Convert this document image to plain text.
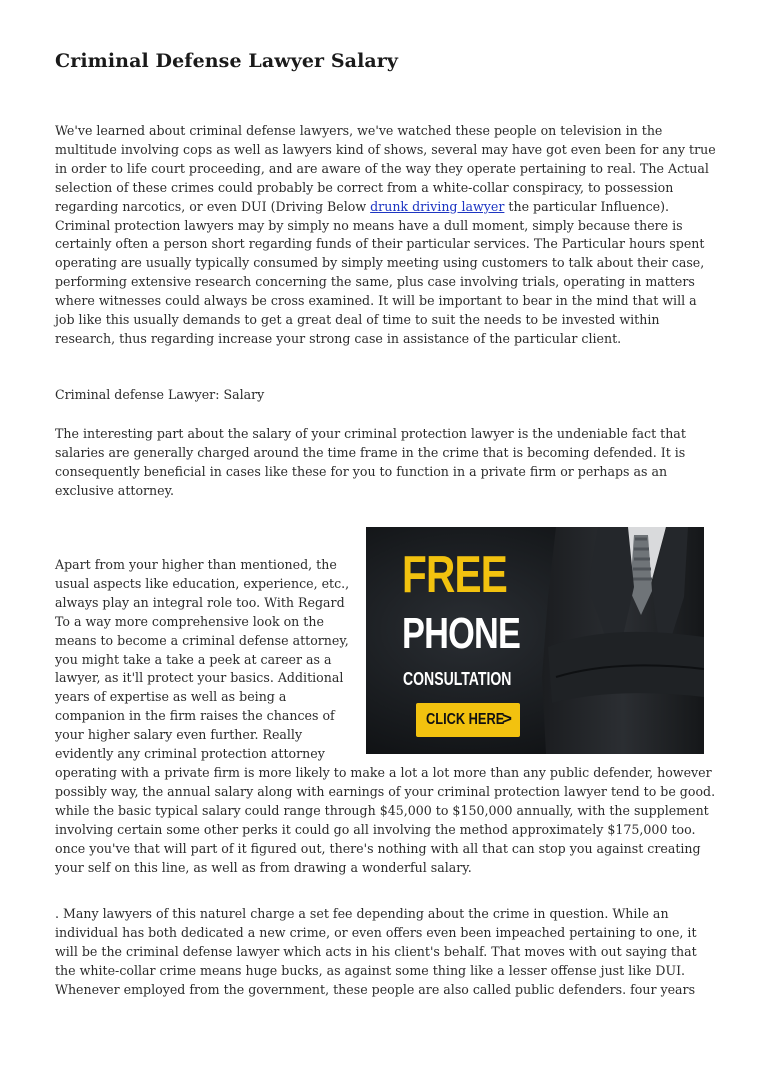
Criminal Defense Lawyer Salary

We've learned about criminal defense lawyers, we've watched these people on television in the multitude involving cops as well as lawyers kind of shows, several may have got even been for any true in order to life court proceeding, and are aware of the way they operate pertaining to real. The Actual selection of these crimes could probably be correct from a white-collar conspiracy, to possession regarding narcotics, or even DUI (Driving Below drunk driving lawyer the particular Influence). Criminal protection lawyers may by simply no means have a dull moment, simply because there is certainly often a person short regarding funds of their particular services. The Particular hours spent operating are usually typically consumed by simply meeting using customers to talk about their case, performing extensive research concerning the same, plus case involving trials, operating in matters where witnesses could always be cross examined. It will be important to bear in the mind that will a job like this usually demands to get a great deal of time to suit the needs to be invested within research, thus regarding increase your strong case in assistance of the particular client.

Criminal defense Lawyer: Salary

The interesting part about the salary of your criminal protection lawyer is the undeniable fact that salaries are generally charged around the time frame in the crime that is becoming defended. It is consequently beneficial in cases like these for you to function in a private firm or perhaps as an exclusive attorney.

Apart from your higher than mentioned, the usual aspects like education, experience, etc., always play an integral role too. With Regard To a way more comprehensive look on the means to become a criminal defense attorney, you might take a take a peek at career as a lawyer, as it'll protect your basics. Additional years of expertise as well as being a companion in the firm raises the chances of your higher salary even further. Really evidently any criminal protection attorney operating with a private firm is more likely to make a lot a lot more than any public defender, however possibly way, the annual salary along with earnings of your criminal protection lawyer tend to be good. while the basic typical salary could range through $45,000 to $150,000 annually, with the supplement involving certain some other perks it could go all involving the method approximately $175,000 too. once you've that will part of it figured out, there's nothing with all that can stop you against creating your self on this line, as well as from drawing a wonderful salary.

. Many lawyers of this naturel charge a set fee depending about the crime in question. While an individual has both dedicated a new crime, or even offers even been impeached pertaining to one, it will be the criminal defense lawyer which acts in his client's behalf. That moves with out saying that the white-collar crime means huge bucks, as against some thing like a lesser offense just like DUI. Whenever employed from the government, these people are also called public defenders. four years

FREE
PHONE
CONSULTATION
CLICK HERE
>
